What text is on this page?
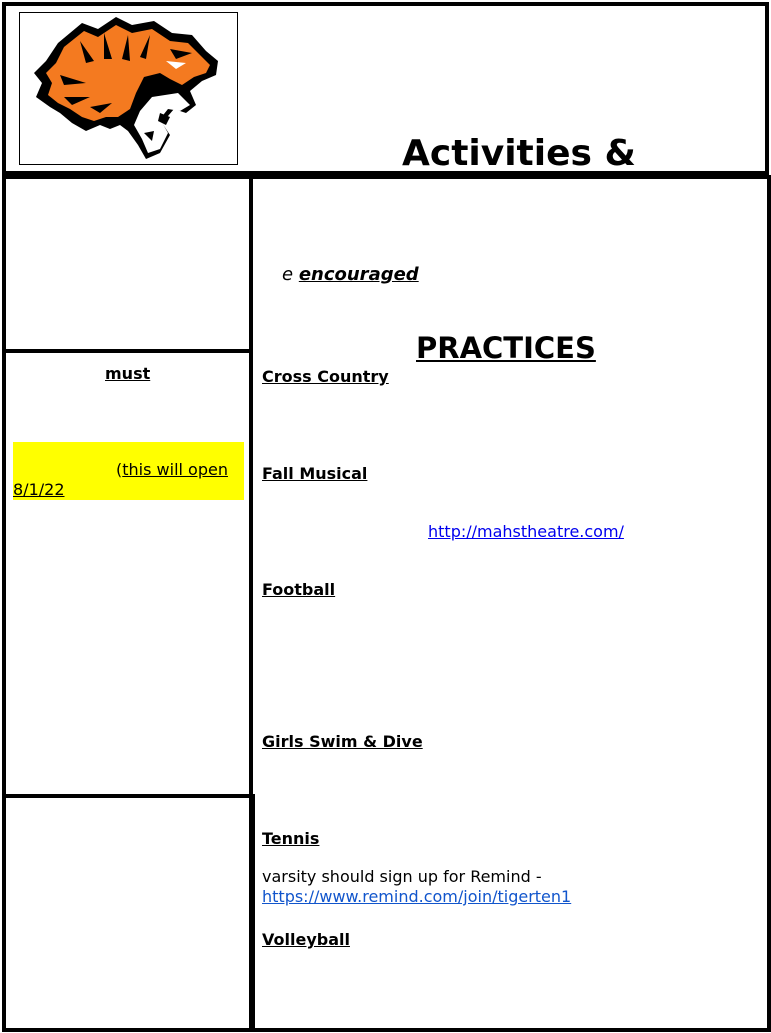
Activities &
e encouraged
PRACTICES
must
(this will open
8/1/22
Cross Country
Fall Musical
http://mahstheatre.com/
Football
Girls Swim & Dive
Tennis
varsity should sign up for Remind -
https://www.remind.com/join/tigerten1
Volleyball
